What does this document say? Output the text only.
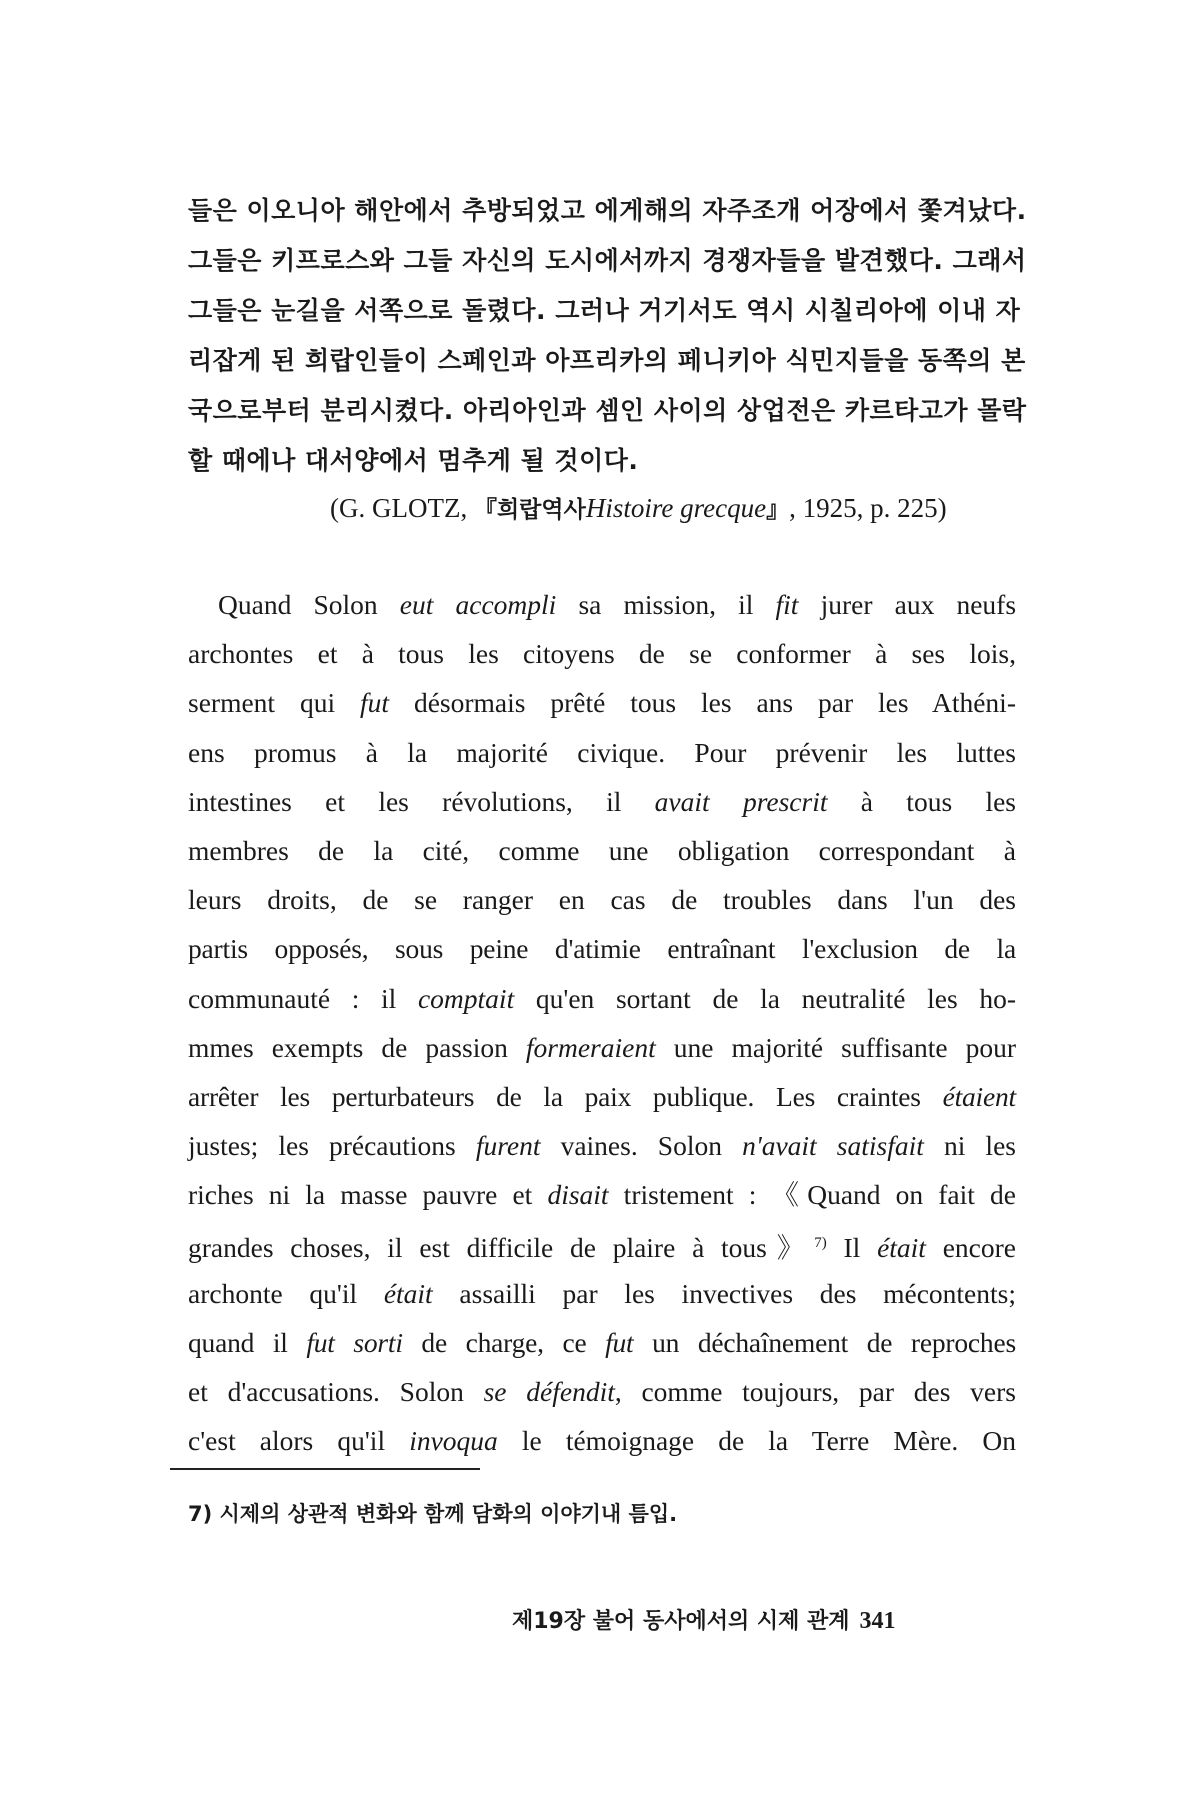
들은 이오니아 해안에서 추방되었고 에게해의 자주조개 어장에서 쫓겨났다.
그들은 키프로스와 그들 자신의 도시에서까지 경쟁자들을 발견했다. 그래서
그들은 눈길을 서쪽으로 돌렸다. 그러나 거기서도 역시 시칠리아에 이내 자
리잡게 된 희랍인들이 스페인과 아프리카의 페니키아 식민지들을 동쪽의 본
국으로부터 분리시켰다. 아리아인과 셈인 사이의 상업전은 카르타고가 몰락
할 때에나 대서양에서 멈추게 될 것이다.
(G. GLOTZ, 『희랍역사Histoire grecque』, 1925, p. 225)
Quand Solon eut accompli sa mission, il fit jurer aux neufs
archontes et à tous les citoyens de se conformer à ses lois,
serment qui fut désormais prêté tous les ans par les Athéni-
ens promus à la majorité civique. Pour prévenir les luttes
intestines et les révolutions, il avait prescrit à tous les
membres de la cité, comme une obligation correspondant à
leurs droits, de se ranger en cas de troubles dans l'un des
partis opposés, sous peine d'atimie entraînant l'exclusion de la
communauté : il comptait qu'en sortant de la neutralité les ho-
mmes exempts de passion formeraient une majorité suffisante pour
arrêter les perturbateurs de la paix publique. Les craintes étaient
justes; les précautions furent vaines. Solon n'avait satisfait ni les
riches ni la masse pauvre et disait tristement : 《Quand on fait de
grandes choses, il est difficile de plaire à tous》$^{7)}$ Il était encore
archonte qu'il était assailli par les invectives des mécontents;
quand il fut sorti de charge, ce fut un déchaînement de reproches
et d'accusations. Solon se défendit, comme toujours, par des vers
c'est alors qu'il invoqua le témoignage de la Terre Mère. On
7) 시제의 상관적 변화와 함께 담화의 이야기내 틈입.
제19장 불어 동사에서의 시제 관계 341
